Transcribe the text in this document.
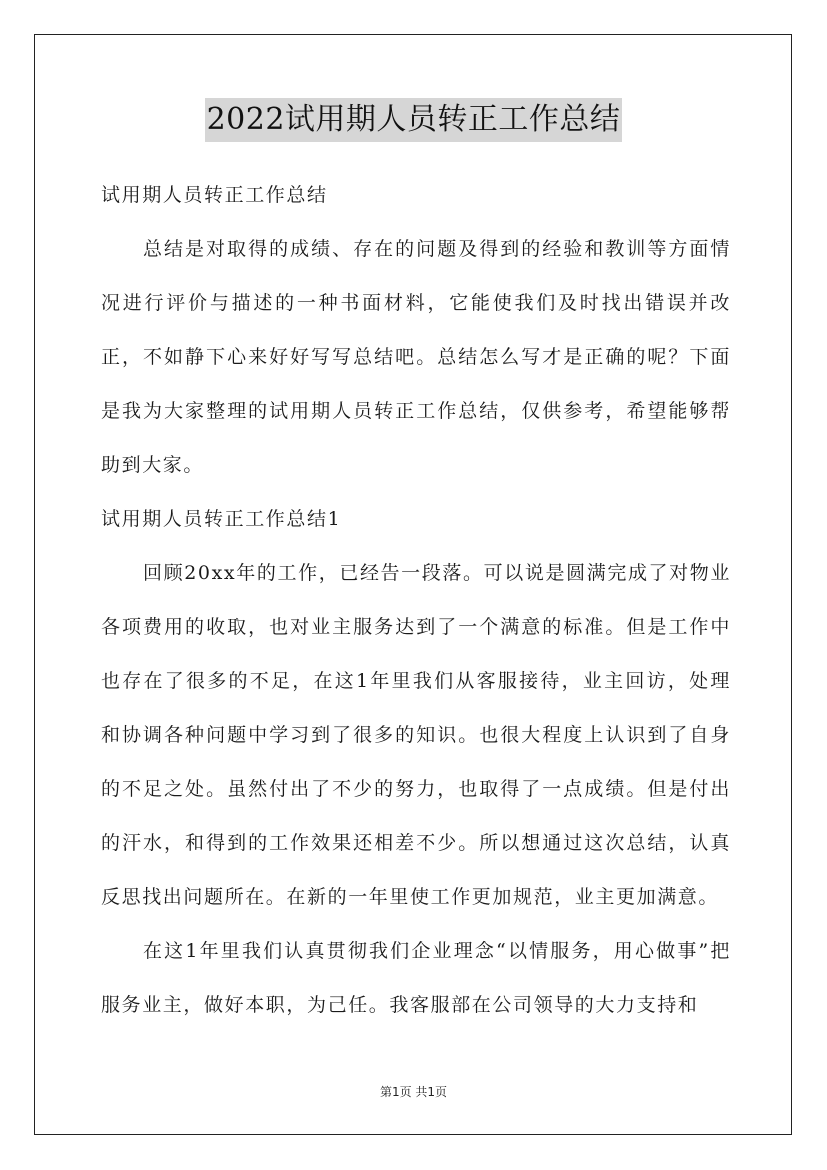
2022试用期人员转正工作总结

试用期人员转正工作总结

总结是对取得的成绩、存在的问题及得到的经验和教训等方面情况进行评价与描述的一种书面材料，它能使我们及时找出错误并改正，不如静下心来好好写写总结吧。总结怎么写才是正确的呢？下面是我为大家整理的试用期人员转正工作总结，仅供参考，希望能够帮助到大家。

试用期人员转正工作总结1

回顾20xx年的工作，已经告一段落。可以说是圆满完成了对物业各项费用的收取，也对业主服务达到了一个满意的标准。但是工作中也存在了很多的不足，在这1年里我们从客服接待，业主回访，处理和协调各种问题中学习到了很多的知识。也很大程度上认识到了自身的不足之处。虽然付出了不少的努力，也取得了一点成绩。但是付出的汗水，和得到的工作效果还相差不少。所以想通过这次总结，认真反思找出问题所在。在新的一年里使工作更加规范，业主更加满意。

在这1年里我们认真贯彻我们企业理念“以情服务，用心做事”把服务业主，做好本职，为己任。我客服部在公司领导的大力支持和

第1页 共1页
